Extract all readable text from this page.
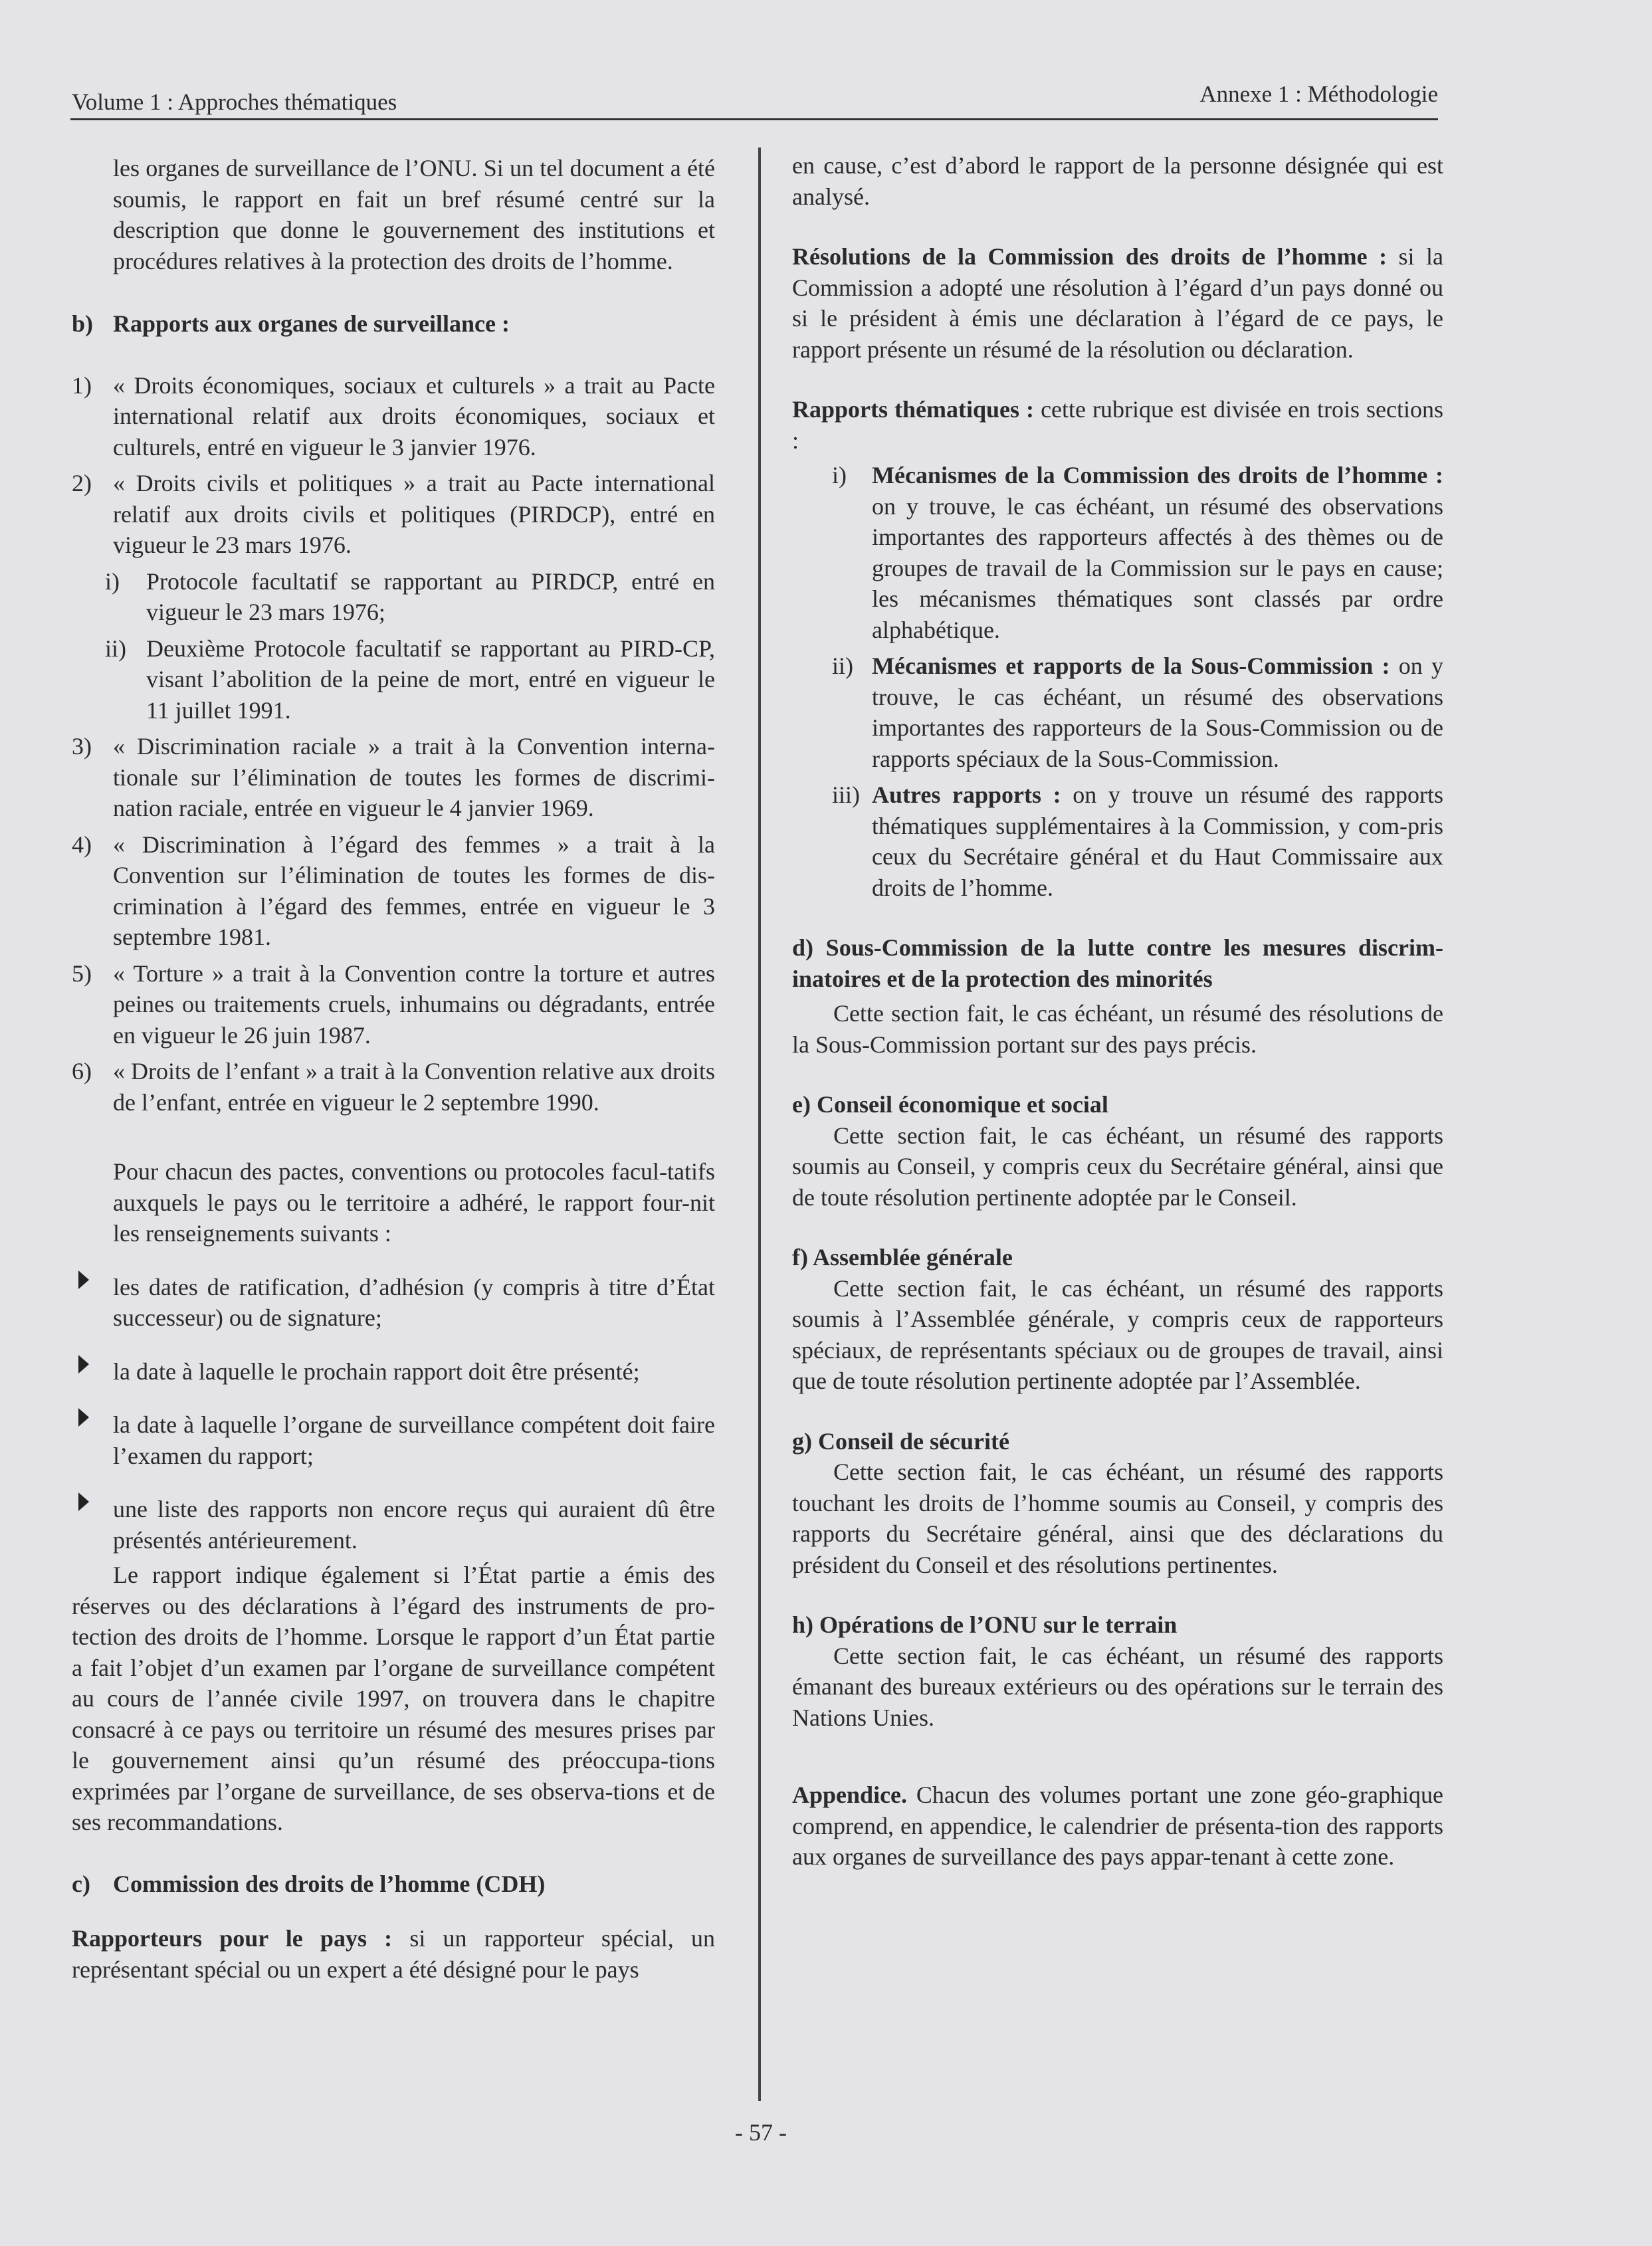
Volume 1 : Approches thématiques	Annexe 1 : Méthodologie

les organes de surveillance de l’ONU. Si un tel document a été soumis, le rapport en fait un bref résumé centré sur la description que donne le gouvernement des institutions et procédures relatives à la protection des droits de l’homme.

b) Rapports aux organes de surveillance :
1) « Droits économiques, sociaux et culturels » a trait au Pacte international relatif aux droits économiques, sociaux et culturels, entré en vigueur le 3 janvier 1976.
2) « Droits civils et politiques » a trait au Pacte international relatif aux droits civils et politiques (PIRDCP), entré en vigueur le 23 mars 1976.
i)	Protocole facultatif se rapportant au PIRDCP, entré en vigueur le 23 mars 1976;
ii) Deuxième Protocole facultatif se rapportant au PIRD-CP, visant l’abolition de la peine de mort, entré en vigueur le 11 juillet 1991.
3) « Discrimination raciale » a trait à la Convention interna-tionale sur l’élimination de toutes les formes de discrimi-nation raciale, entrée en vigueur le 4 janvier 1969.
4) « Discrimination à l’égard des femmes » a trait à la Convention sur l’élimination de toutes les formes de dis-crimination à l’égard des femmes, entrée en vigueur le 3 septembre 1981.
5) « Torture » a trait à la Convention contre la torture et autres peines ou traitements cruels, inhumains ou dégradants, entrée en vigueur le 26 juin 1987.
6) « Droits de l’enfant » a trait à la Convention relative aux droits de l’enfant, entrée en vigueur le 2 septembre 1990.

Pour chacun des pactes, conventions ou protocoles facul-tatifs auxquels le pays ou le territoire a adhéré, le rapport four-nit les renseignements suivants :

les dates de ratification, d’adhésion (y compris à titre d’État successeur) ou de signature;
la date à laquelle le prochain rapport doit être présenté;
la date à laquelle l’organe de surveillance compétent doit faire l’examen du rapport;
une liste des rapports non encore reçus qui auraient dû être présentés antérieurement.

Le rapport indique également si l’État partie a émis des réserves ou des déclarations à l’égard des instruments de pro-tection des droits de l’homme. Lorsque le rapport d’un État partie a fait l’objet d’un examen par l’organe de surveillance compétent au cours de l’année civile 1997, on trouvera dans le chapitre consacré à ce pays ou territoire un résumé des mesures prises par le gouvernement ainsi qu’un résumé des préoccupa-tions exprimées par l’organe de surveillance, de ses observa-tions et de ses recommandations.

c) Commission des droits de l’homme (CDH)

Rapporteurs pour le pays : si un rapporteur spécial, un représentant spécial ou un expert a été désigné pour le pays

en cause, c’est d’abord le rapport de la personne désignée qui est analysé.

Résolutions de la Commission des droits de l’homme : si la Commission a adopté une résolution à l’égard d’un pays donné ou si le président à émis une déclaration à l’égard de ce pays, le rapport présente un résumé de la résolution ou déclaration.

Rapports thématiques : cette rubrique est divisée en trois sections :

i)	Mécanismes de la Commission des droits de l’homme : on y trouve, le cas échéant, un résumé des observations importantes des rapporteurs affectés à des thèmes ou de groupes de travail de la Commission sur le pays en cause; les mécanismes thématiques sont classés par ordre alphabétique.
ii) Mécanismes et rapports de la Sous-Commission : on y trouve, le cas échéant, un résumé des observations importantes des rapporteurs de la Sous-Commission ou de rapports spéciaux de la Sous-Commission.
iii) Autres rapports : on y trouve un résumé des rapports thématiques supplémentaires à la Commission, y com-pris ceux du Secrétaire général et du Haut Commissaire aux droits de l’homme.

d) Sous-Commission de la lutte contre les mesures discrim-inatoires et de la protection des minorités

Cette section fait, le cas échéant, un résumé des résolutions de la Sous-Commission portant sur des pays précis.

e) Conseil économique et social

Cette section fait, le cas échéant, un résumé des rapports soumis au Conseil, y compris ceux du Secrétaire général, ainsi que de toute résolution pertinente adoptée par le Conseil.

f) Assemblée générale

Cette section fait, le cas échéant, un résumé des rapports soumis à l’Assemblée générale, y compris ceux de rapporteurs spéciaux, de représentants spéciaux ou de groupes de travail, ainsi que de toute résolution pertinente adoptée par l’Assemblée.

g) Conseil de sécurité

Cette section fait, le cas échéant, un résumé des rapports touchant les droits de l’homme soumis au Conseil, y compris des rapports du Secrétaire général, ainsi que des déclarations du président du Conseil et des résolutions pertinentes.

h) Opérations de l’ONU sur le terrain

Cette section fait, le cas échéant, un résumé des rapports émanant des bureaux extérieurs ou des opérations sur le terrain des Nations Unies.

Appendice. Chacun des volumes portant une zone géo-graphique comprend, en appendice, le calendrier de présenta-tion des rapports aux organes de surveillance des pays appar-tenant à cette zone.

- 57 -
